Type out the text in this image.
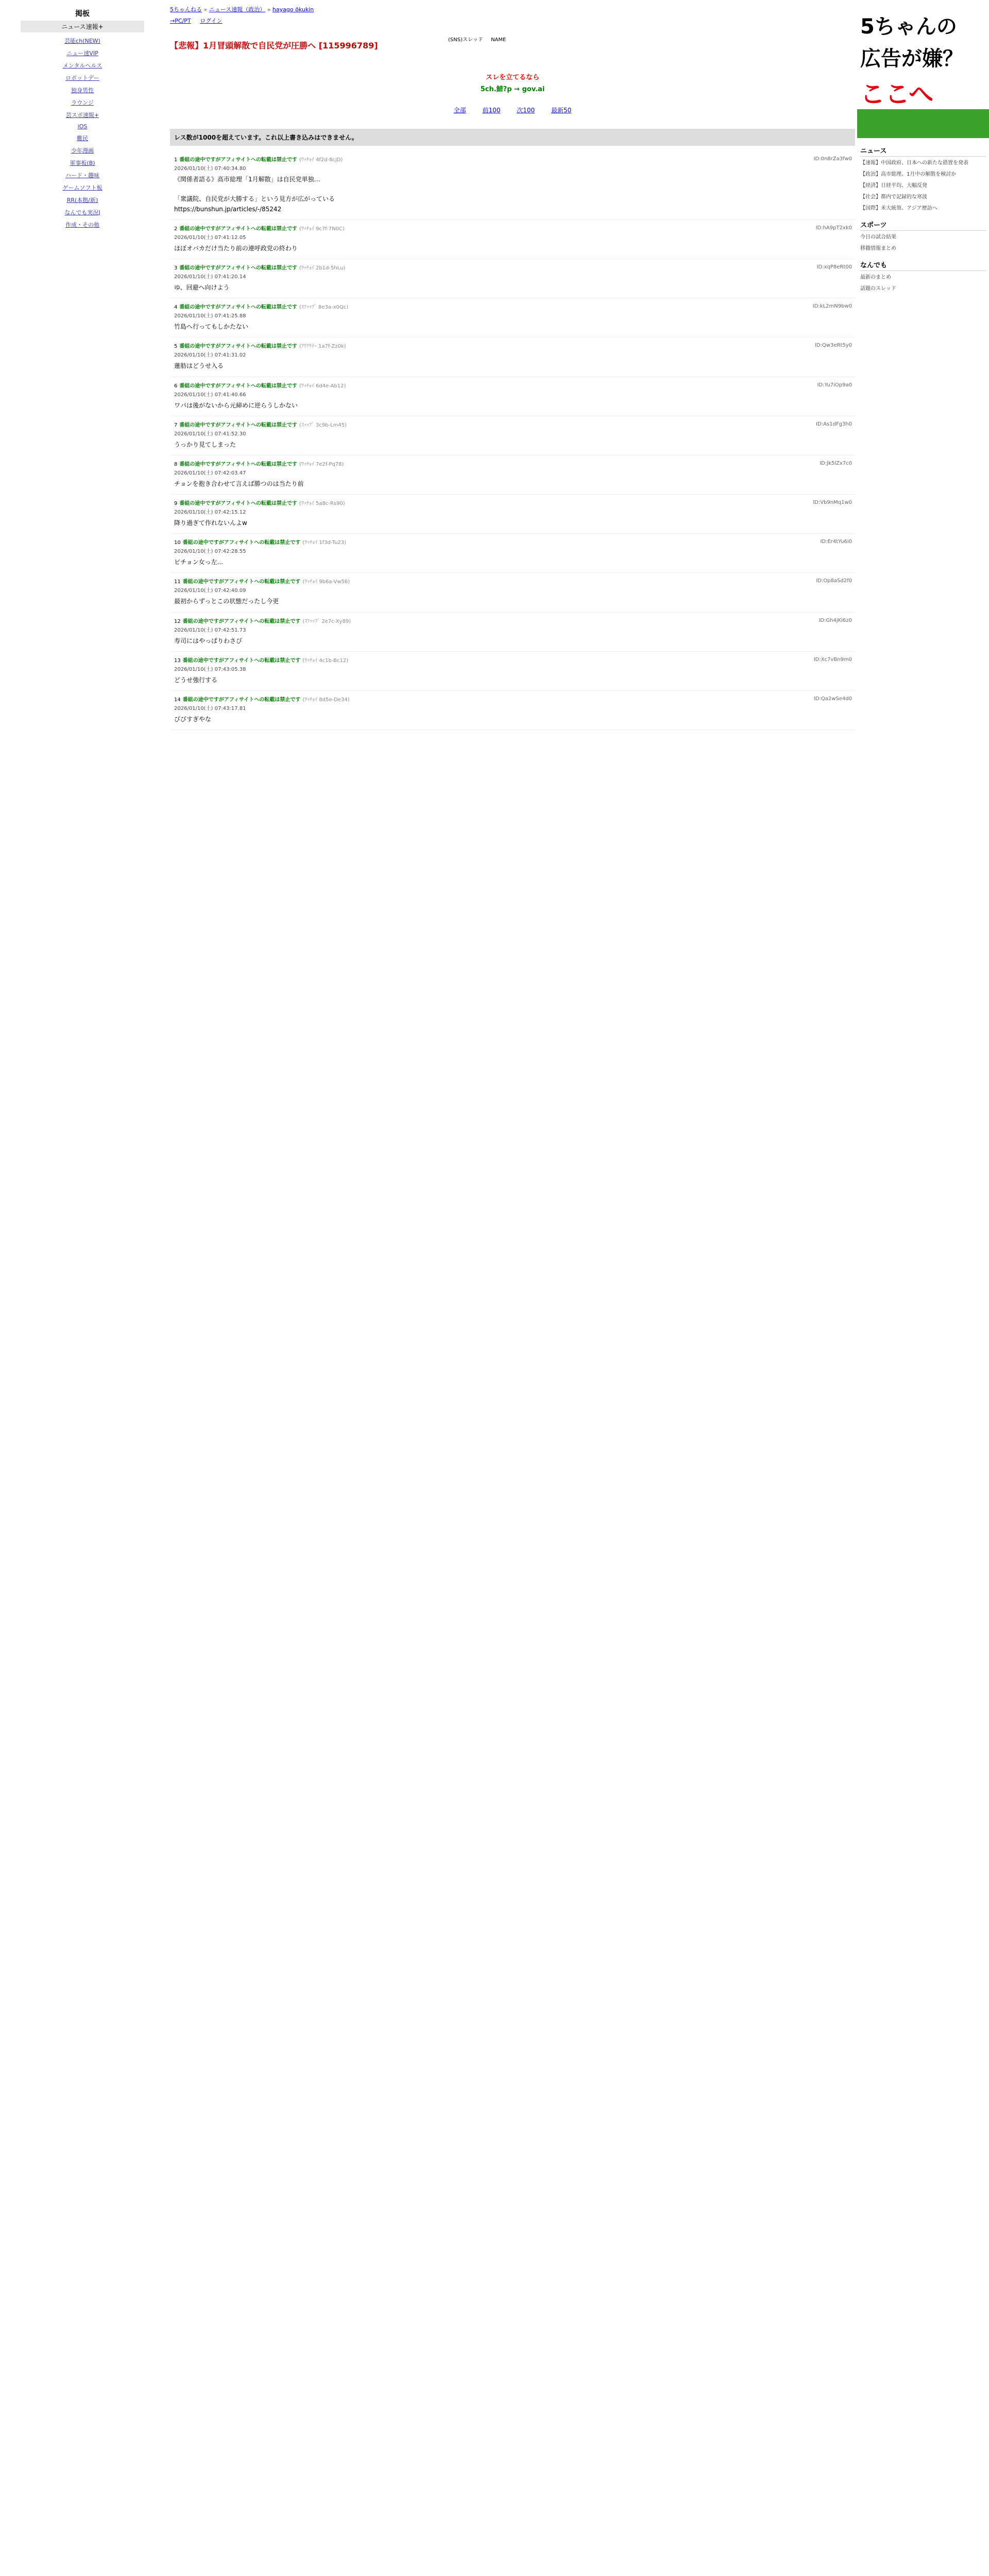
掲板
ニュース速報+
芸能ch(NEW)
ニュー速VIP
メンタルヘルス
ロボットデー
独身男性
ラウンジ
芸スポ速報+
iOS
難民
少年漫画
軍事板(B)
ハード・趣味
ゲームソフト板
RR(本拠/新)
なんでも実況J
作成・その他
5ちゃんねる » ニュース速報（政治） » hayago ökukin
→PC/PT ログイン
(SNS)スレッド NAME
【悲報】1月冒頭解散で自民党が圧勝へ [115996789]
スレを立てるなら
5ch.鯖?p → gov.ai
全部	前100	次100	最新50
レス数が1000を超えています。これ以上書き込みはできません。
1 番組の途中ですがアフィサイトへの転載は禁止です (ﾜｯﾁｮｲ 4f2d-8cjD)
2026/01/10(土) 07:40:34.80
《関係者語る》高市総理「1月解散」は自民党単独…

「衆議院、自民党が大勝する」という見方が広がっている
https://bunshun.jp/articles/-/85242
ID:0n8rZa3fw0
2 番組の途中ですがアフィサイトへの転載は禁止です (ﾜｯﾁｮｲ 9c7f-7N0C)
2026/01/10(土) 07:41:12.05
ほぼオバカだけ当たり前の連呼政党の終わり
ID:hA9pT2xk0
3 番組の途中ですがアフィサイトへの転載は禁止です (ﾜｯﾁｮｲ 2b1d-5hLu)
2026/01/10(土) 07:41:20.14
ゆ、回避へ向けよう
ID:xqP8eRt00
4 番組の途中ですがアフィサイトへの転載は禁止です (ｽﾌｯｯﾌﾟ 8e3a-x0Qc)
2026/01/10(土) 07:41:25.88
竹島へ行ってもしかたない
ID:kL2mN9bw0
5 番組の途中ですがアフィサイトへの転載は禁止です (ｱｳｱｳｲｰ 1a7f-Zz0k)
2026/01/10(土) 07:41:31.02
蓮舫はどうせ入る
ID:Qw3eRt5y0
6 番組の途中ですがアフィサイトへの転載は禁止です (ﾜｯﾁｮｲ 6d4e-Ab12)
2026/01/10(土) 07:41:40.66
ワパは後がないから元締めに逆らうしかない
ID:Yu7iOp9a0
7 番組の途中ですがアフィサイトへの転載は禁止です (ｽｯｯﾌﾟ 3c9b-Lm45)
2026/01/10(土) 07:41:52.30
うっかり見てしまった
ID:As1dFg3h0
8 番組の途中ですがアフィサイトへの転載は禁止です (ﾜｯﾁｮｲ 7e2f-Pq78)
2026/01/10(土) 07:42:03.47
チョンを抱き合わせて言えば勝つのは当たり前
ID:Jk5lZx7c0
9 番組の途中ですがアフィサイトへの転載は禁止です (ﾜｯﾁｮｲ 5a8c-Rs90)
2026/01/10(土) 07:42:15.12
降り過ぎて作れないんよw
ID:Vb9nMq1w0
10 番組の途中ですがアフィサイトへの転載は禁止です (ﾜｯﾁｮｲ 1f3d-Tu23)
2026/01/10(土) 07:42:28.55
ピチョン女っ左...
ID:Er4tYu6i0
11 番組の途中ですがアフィサイトへの転載は禁止です (ﾜｯﾁｮｲ 9b6a-Vw56)
2026/01/10(土) 07:42:40.09
最初からずっとこの状態だったし今更
ID:Op8aSd2f0
12 番組の途中ですがアフィサイトへの転載は禁止です (ｽﾌｯｯﾌﾟ 2e7c-Xy89)
2026/01/10(土) 07:42:51.73
寿司にはやっぱりわさび
ID:Gh4jKl6z0
13 番組の途中ですがアフィサイトへの転載は禁止です (ﾜｯﾁｮｲ 4c1b-Bc12)
2026/01/10(土) 07:43:05.38
どうせ強行する
ID:Xc7vBn9m0
14 番組の途中ですがアフィサイトへの転載は禁止です (ﾜｯﾁｮｲ 8d5e-De34)
2026/01/10(土) 07:43:17.81
びびすぎやな
ID:Qa2wSe4d0
5ちゃんの
広告が嫌？
ここへ
ニュース
【速報】中国政府、日本への新たな措置を発表
【政治】高市総理、1月中の解散を検討か
【経済】日経平均、大幅反発
【社会】都内で記録的な寒波
【国際】米大統領、アジア歴訪へ
スポーツ
今日の試合結果
移籍情報まとめ
なんでも
最新のまとめ
話題のスレッド
